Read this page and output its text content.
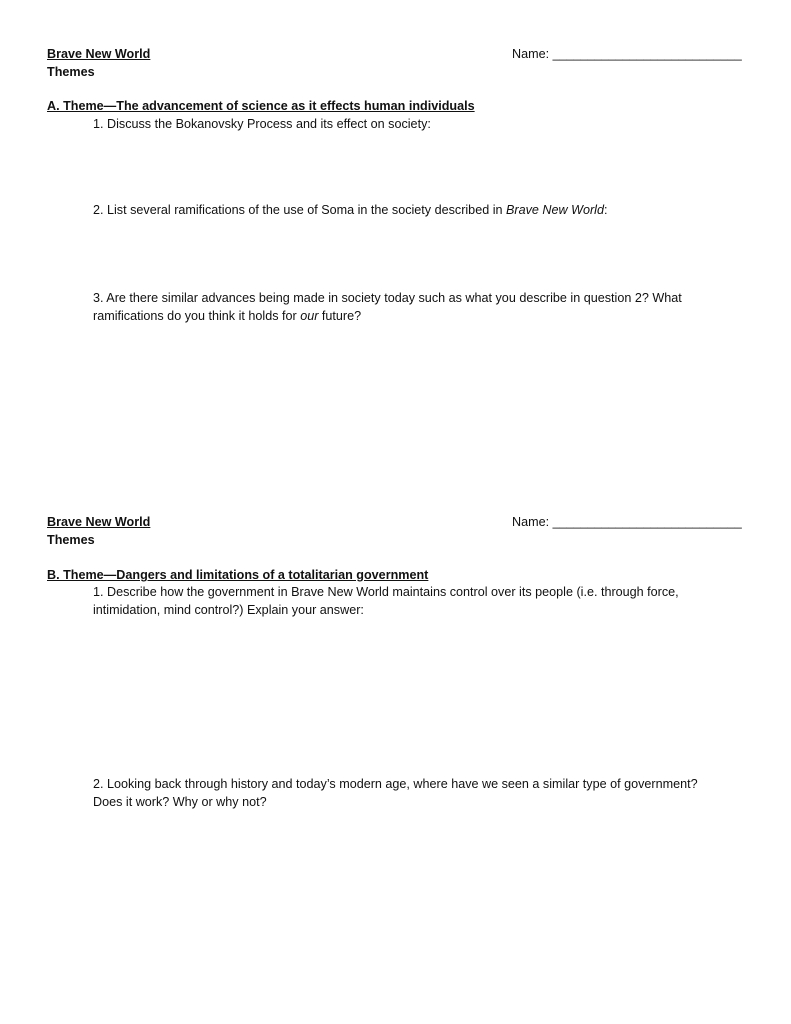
Brave New World	Name: ___________________________
Themes
A. Theme—The advancement of science as it effects human individuals
1. Discuss the Bokanovsky Process and its effect on society:
2. List several ramifications of the use of Soma in the society described in Brave New World:
3. Are there similar advances being made in society today such as what you describe in question 2? What
ramifications do you think it holds for our future?
Brave New World	Name: ___________________________
Themes
B. Theme—Dangers and limitations of a totalitarian government
1. Describe how the government in Brave New World maintains control over its people (i.e. through force,
intimidation, mind control?) Explain your answer:
2. Looking back through history and today’s modern age, where have we seen a similar type of government?
Does it work? Why or why not?
